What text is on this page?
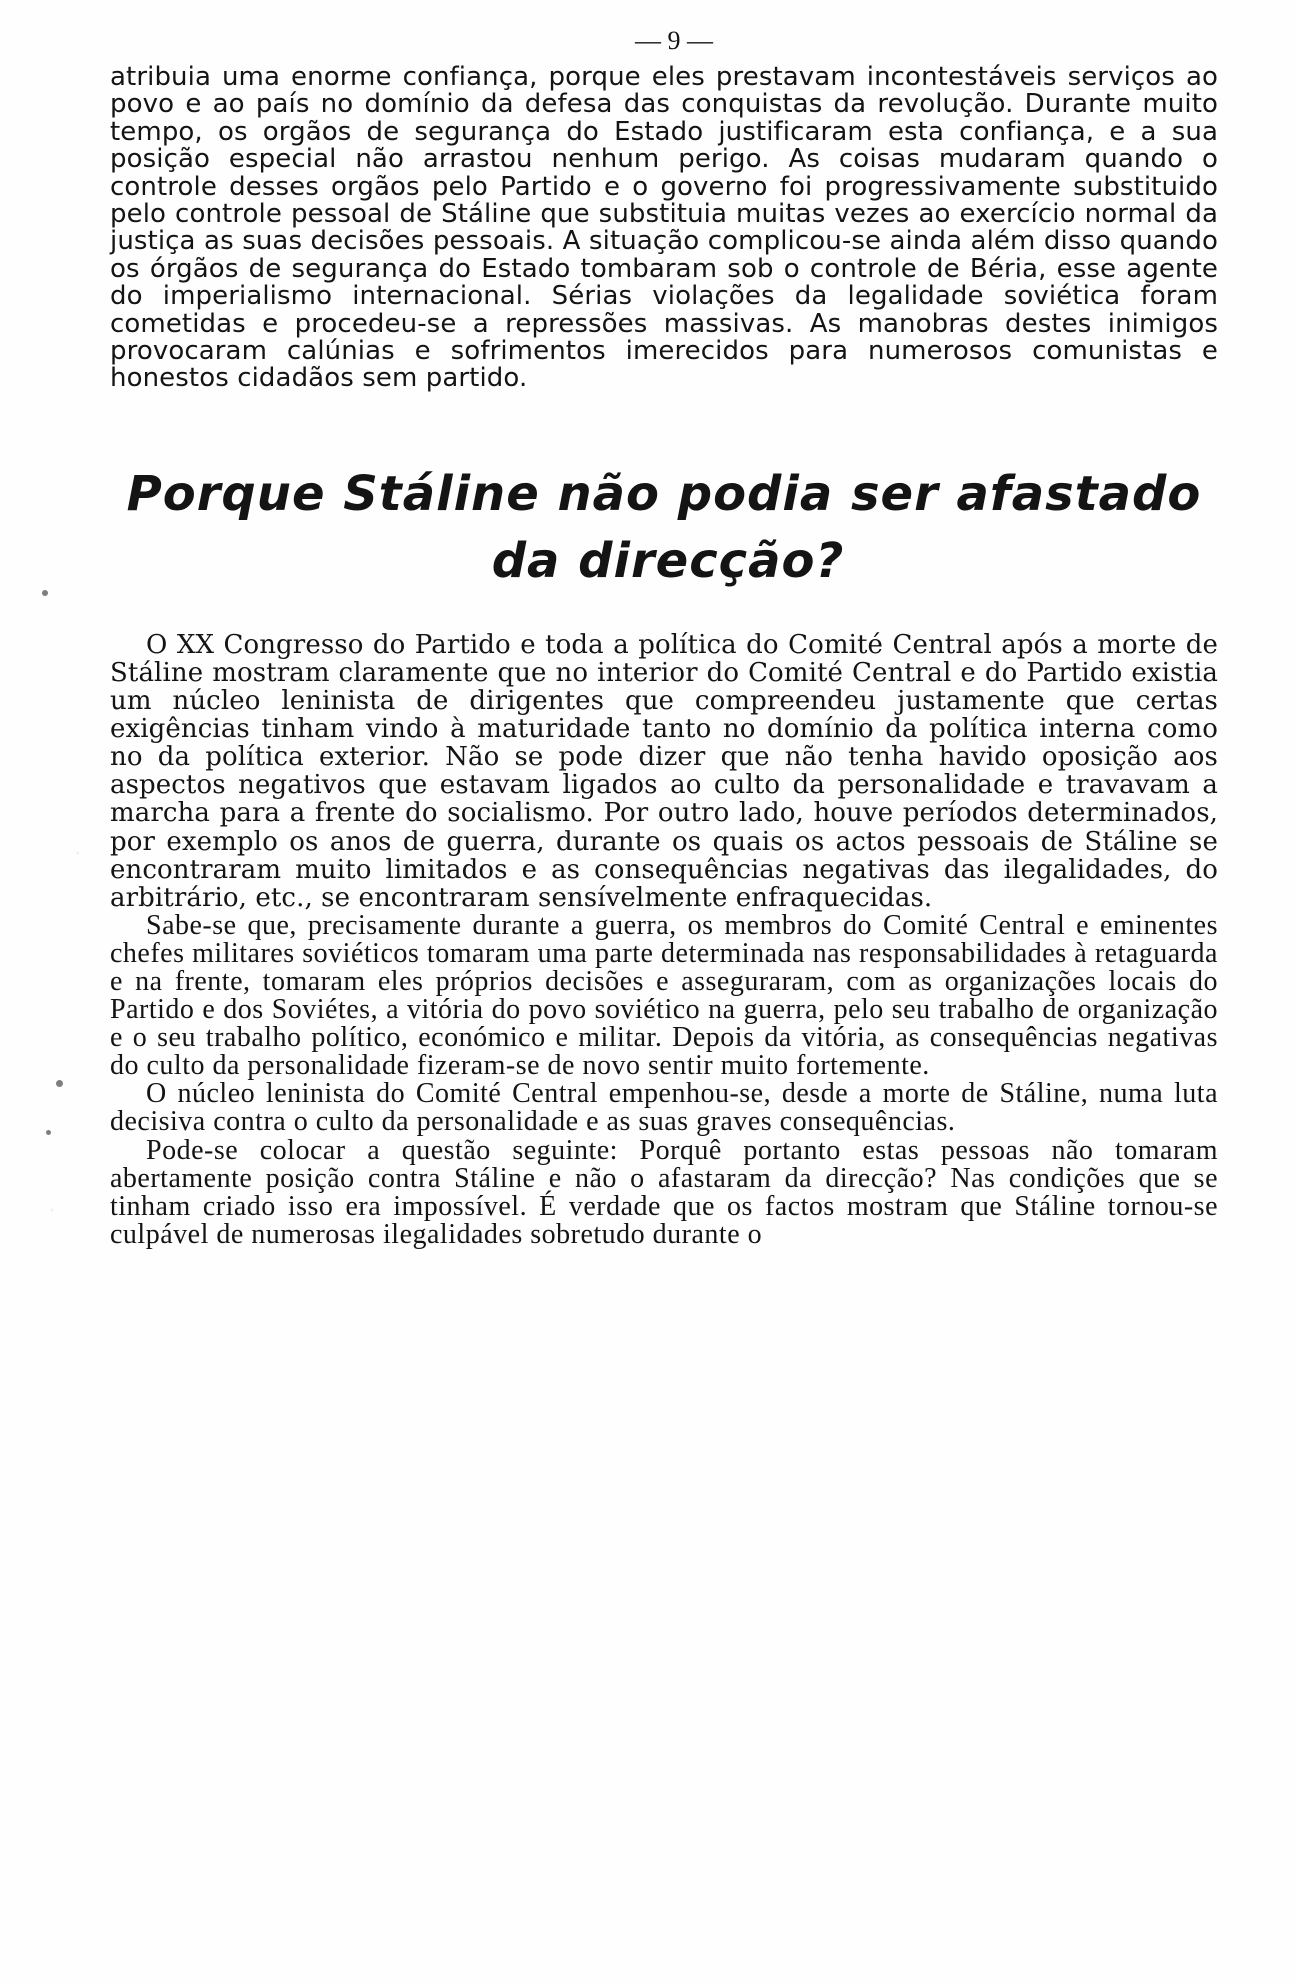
— 9 —

atribuia uma enorme confiança, porque eles prestavam incontestáveis serviços ao povo e ao país no domínio da defesa das conquistas da revolução. Durante muito tempo, os orgãos de segurança do Estado justificaram esta confiança, e a sua posição especial não arrastou nenhum perigo. As coisas mudaram quando o controle desses orgãos pelo Partido e o governo foi progressivamente substituido pelo controle pessoal de Stáline que substituia muitas vezes ao exercício normal da justiça as suas decisões pessoais. A situação complicou-se ainda além disso quando os órgãos de segurança do Estado tombaram sob o controle de Béria, esse agente do imperialismo internacional. Sérias violações da legalidade soviética foram cometidas e procedeu-se a repressões massivas. As manobras destes inimigos provocaram calúnias e sofrimentos imerecidos para numerosos comunistas e honestos cidadãos sem partido.

Porque Stáline não podia ser afastado
da direcção?

O XX Congresso do Partido e toda a política do Comité Central após a morte de Stáline mostram claramente que no interior do Comité Central e do Partido existia um núcleo leninista de dirigentes que compreendeu justamente que certas exigências tinham vindo à maturidade tanto no domínio da política interna como no da política exterior. Não se pode dizer que não tenha havido oposição aos aspectos negativos que estavam ligados ao culto da personalidade e travavam a marcha para a frente do socialismo. Por outro lado, houve períodos determinados, por exemplo os anos de guerra, durante os quais os actos pessoais de Stáline se encontraram muito limitados e as consequências negativas das ilegalidades, do arbitrário, etc., se encontraram sensívelmente enfraquecidas.

Sabe-se que, precisamente durante a guerra, os membros do Comité Central e eminentes chefes militares soviéticos tomaram uma parte determinada nas responsabilidades à retaguarda e na frente, tomaram eles próprios decisões e asseguraram, com as organizações locais do Partido e dos Soviétes, a vitória do povo soviético na guerra, pelo seu trabalho de organização e o seu trabalho político, económico e militar. Depois da vitória, as consequências negativas do culto da personalidade fizeram-se de novo sentir muito fortemente.

O núcleo leninista do Comité Central empenhou-se, desde a morte de Stáline, numa luta decisiva contra o culto da personalidade e as suas graves consequências.

Pode-se colocar a questão seguinte: Porquê portanto estas pessoas não tomaram abertamente posição contra Stáline e não o afastaram da direcção? Nas condições que se tinham criado isso era impossível. É verdade que os factos mostram que Stáline tornou-se culpável de numerosas ilegalidades sobretudo durante o
